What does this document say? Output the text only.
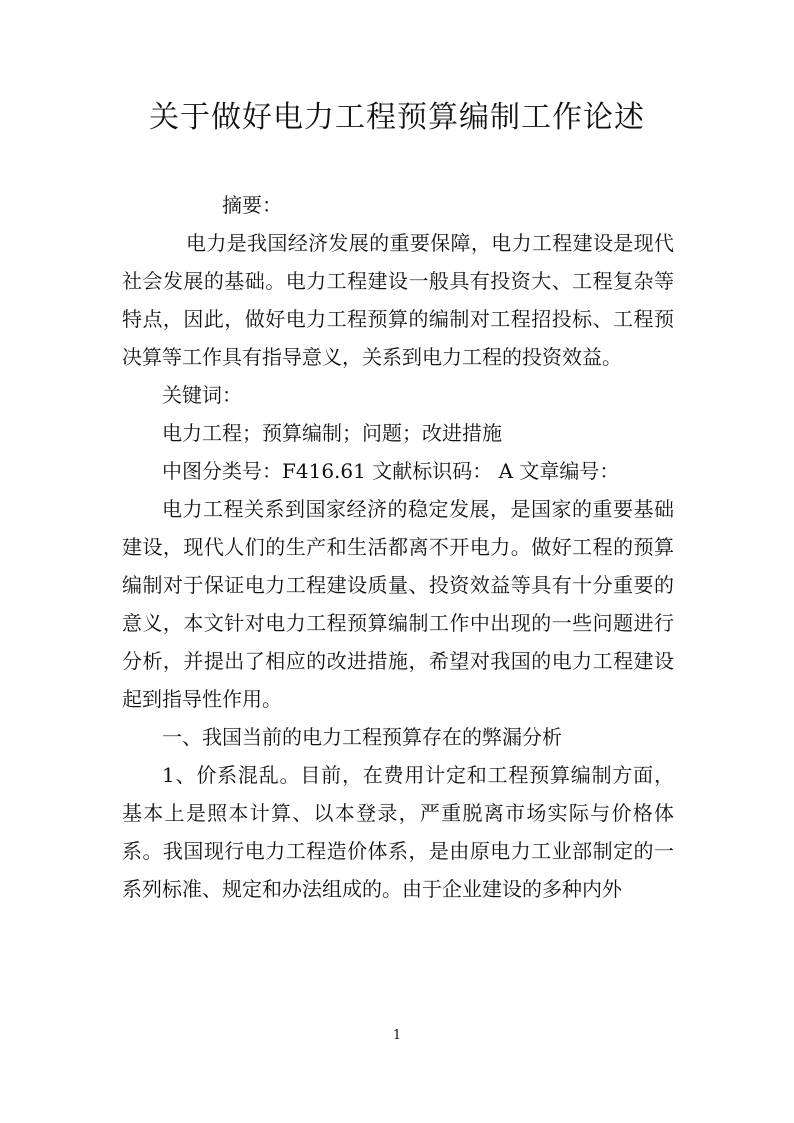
关于做好电力工程预算编制工作论述

摘要：

电力是我国经济发展的重要保障，电力工程建设是现代社会发展的基础。电力工程建设一般具有投资大、工程复杂等特点，因此，做好电力工程预算的编制对工程招投标、工程预决算等工作具有指导意义，关系到电力工程的投资效益。

关键词：

电力工程；预算编制；问题；改进措施

中图分类号：F416.61 文献标识码： A 文章编号：

电力工程关系到国家经济的稳定发展，是国家的重要基础建设，现代人们的生产和生活都离不开电力。做好工程的预算编制对于保证电力工程建设质量、投资效益等具有十分重要的意义，本文针对电力工程预算编制工作中出现的一些问题进行分析，并提出了相应的改进措施，希望对我国的电力工程建设起到指导性作用。

一、我国当前的电力工程预算存在的弊漏分析

1、价系混乱。目前，在费用计定和工程预算编制方面，基本上是照本计算、以本登录，严重脱离市场实际与价格体系。我国现行电力工程造价体系，是由原电力工业部制定的一系列标准、规定和办法组成的。由于企业建设的多种内外

1
